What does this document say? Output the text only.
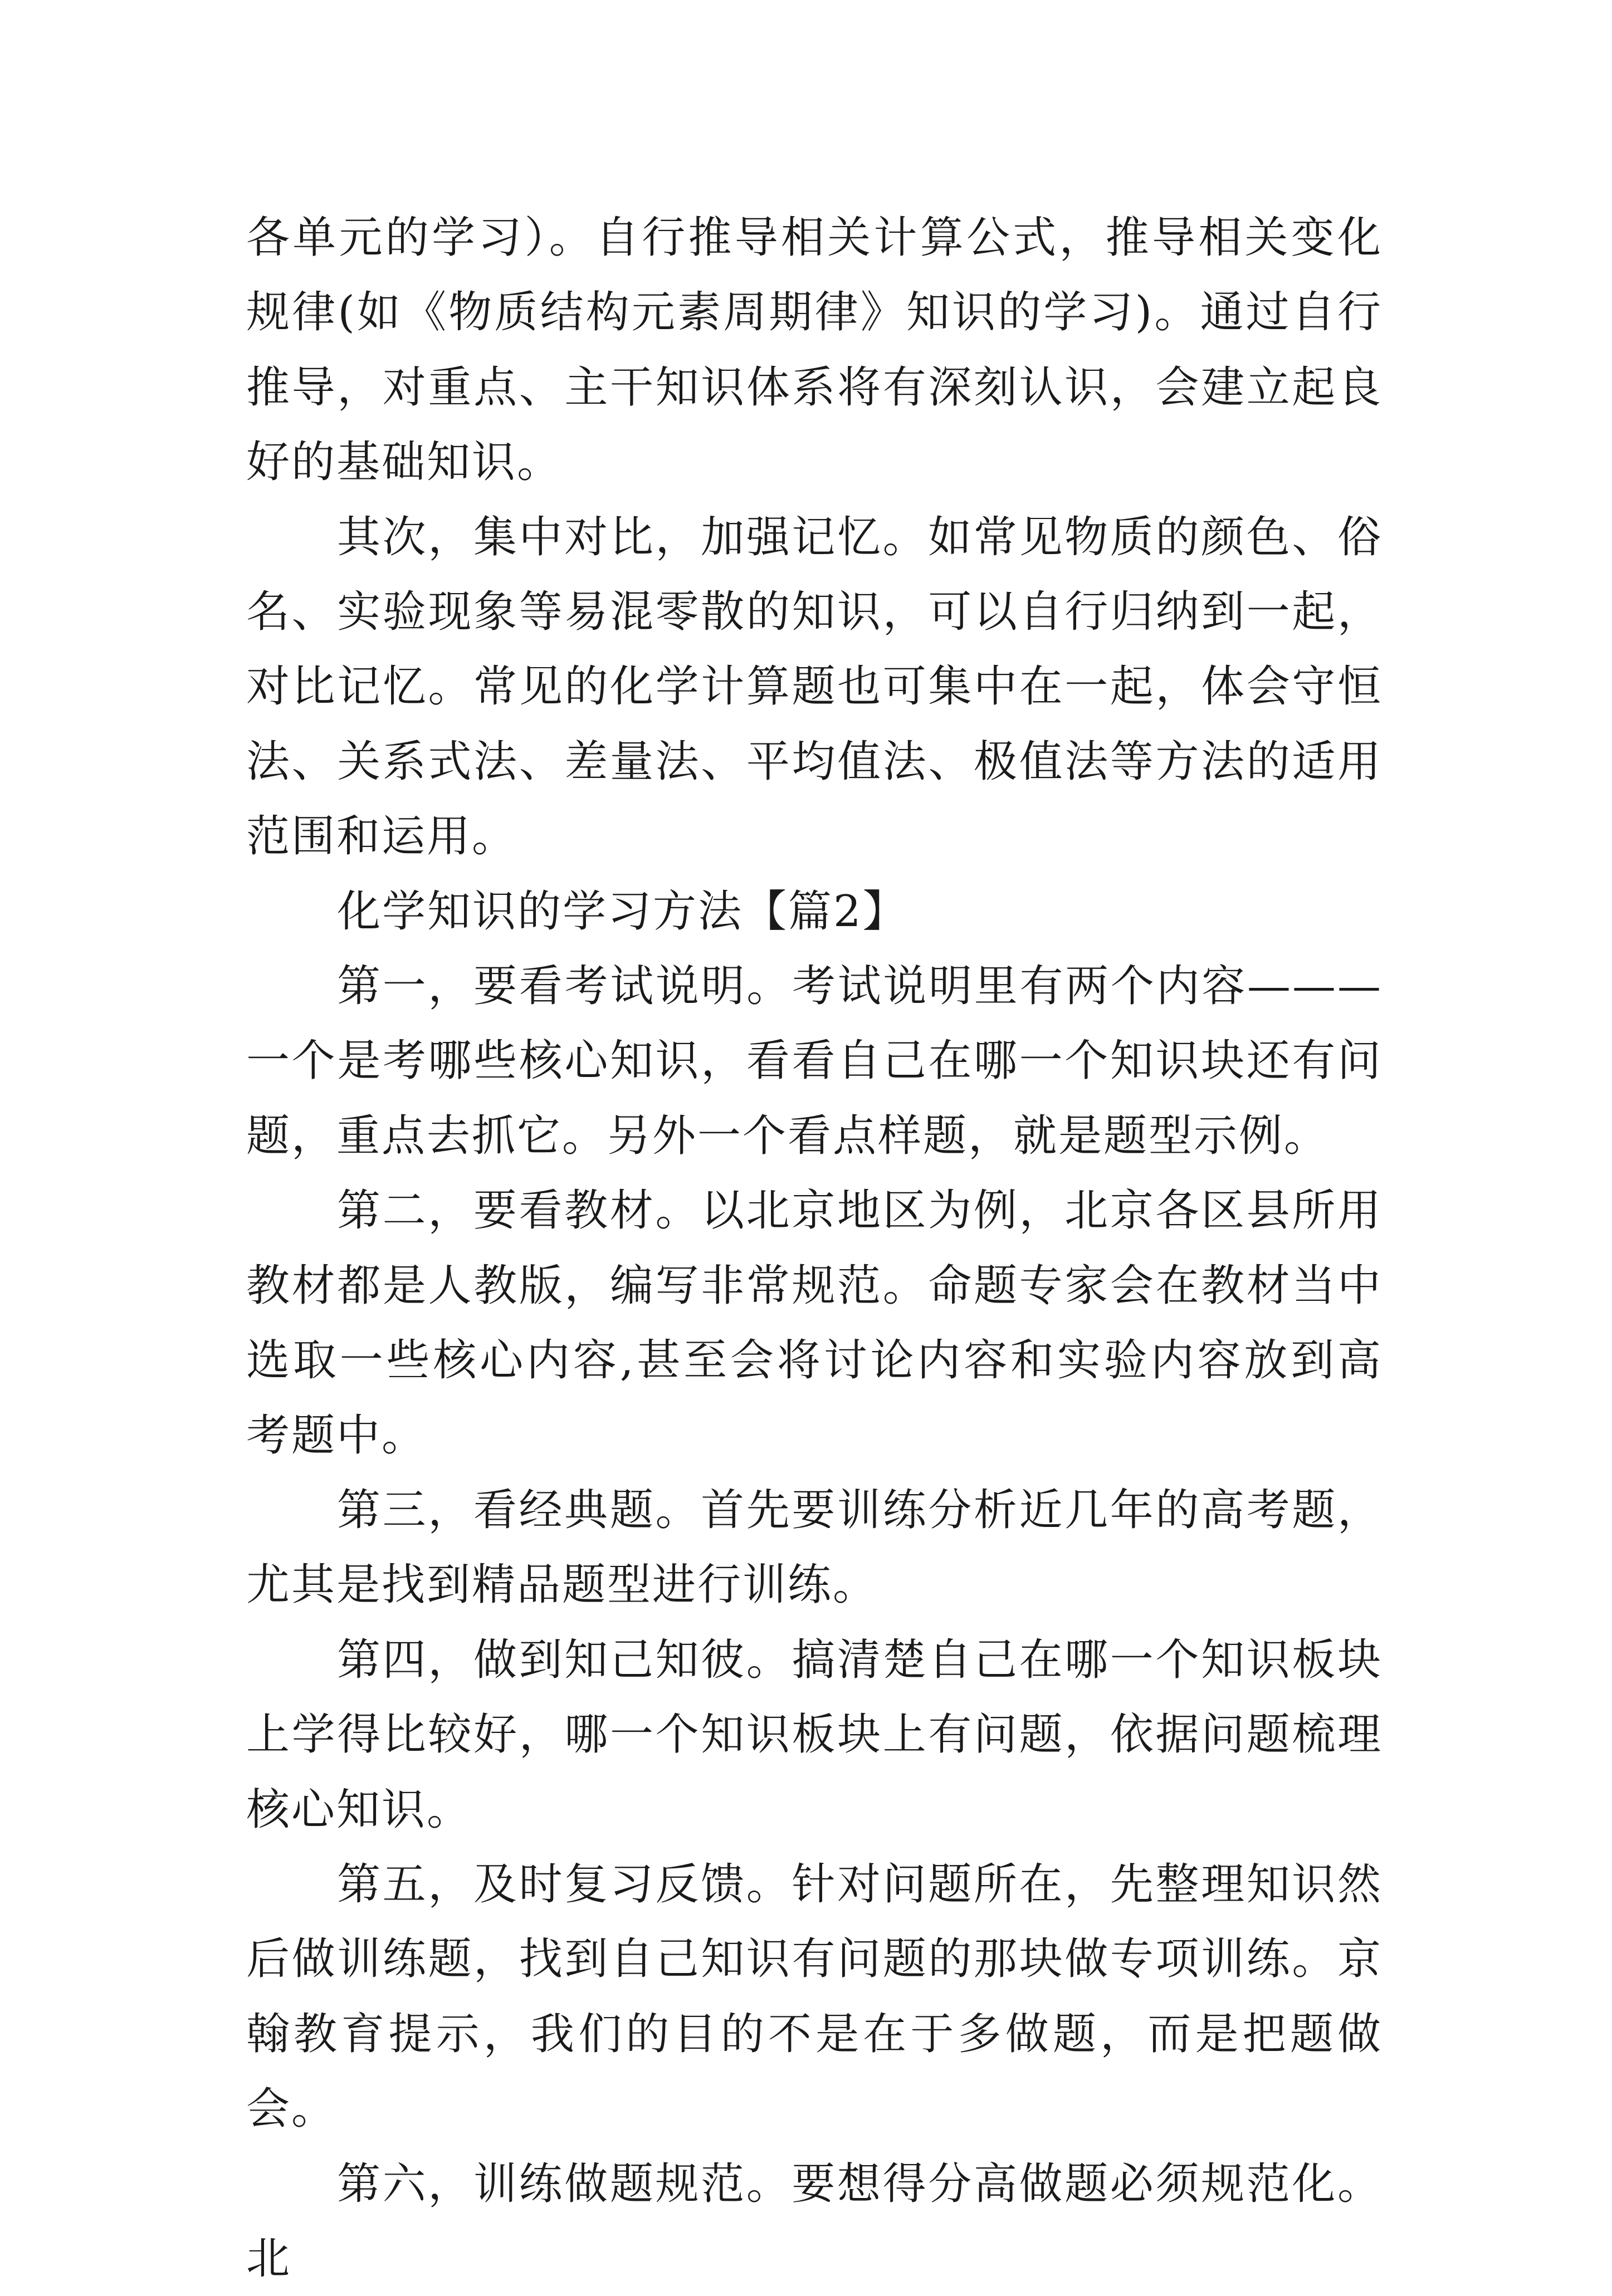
各单元的学习）。自行推导相关计算公式，推导相关变化规律(如《物质结构元素周期律》知识的学习)。通过自行推导，对重点、主干知识体系将有深刻认识，会建立起良好的基础知识。

其次，集中对比，加强记忆。如常见物质的颜色、俗名、实验现象等易混零散的知识，可以自行归纳到一起，对比记忆。常见的化学计算题也可集中在一起，体会守恒法、关系式法、差量法、平均值法、极值法等方法的适用范围和运用。

化学知识的学习方法【篇2】

第一，要看考试说明。考试说明里有两个内容———一个是考哪些核心知识，看看自己在哪一个知识块还有问题，重点去抓它。另外一个看点样题，就是题型示例。

第二，要看教材。以北京地区为例，北京各区县所用教材都是人教版，编写非常规范。命题专家会在教材当中选取一些核心内容,甚至会将讨论内容和实验内容放到高考题中。

第三，看经典题。首先要训练分析近几年的高考题，尤其是找到精品题型进行训练。

第四，做到知己知彼。搞清楚自己在哪一个知识板块上学得比较好，哪一个知识板块上有问题，依据问题梳理核心知识。

第五，及时复习反馈。针对问题所在，先整理知识然后做训练题，找到自己知识有问题的那块做专项训练。京翰教育提示，我们的目的不是在于多做题，而是把题做会。

第六，训练做题规范。要想得分高做题必须规范化。北
